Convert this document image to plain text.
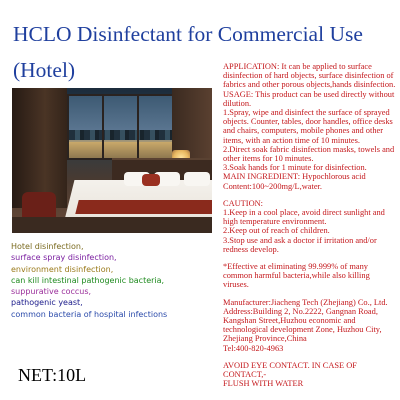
HCLO Disinfectant for Commercial Use
(Hotel)
Hotel disinfection,
surface spray disinfection,
environment disinfection,
can kill intestinal pathogenic bacteria,
suppurative coccus,
pathogenic yeast,
common bacteria of hospital infections

APPLICATION: It can be applied to surface
disinfection of hard objects, surface disinfection of
fabrics and other porous objects,hands disinfection.
USAGE: This product can be used directly without
dilution.
1.Spray, wipe and disinfect the surface of sprayed
objects. Counter, tables, door handles, office desks
and chairs, computers, mobile phones and other
items, with an action time of 10 minutes.
2.Direct soak fabric disinfection masks, towels and
other items for 10 minutes.
3.Soak hands for 1 minute for disinfection.
MAIN INGREDIENT: Hypochlorous acid
Content:100~200mg/L,water.

CAUTION:
1.Keep in a cool place, avoid direct sunlight and
high temperature environment.
2.Keep out of reach of children.
3.Stop use and ask a doctor if irritation and/or
redness develop.

*Effective at eliminating 99.999% of many
common harmful bacteria,while also killing
viruses.

Manufacturer:Jiacheng Tech (Zhejiang) Co., Ltd.
Address:Building 2, No.2222, Gangnan Road,
Kangshan Street,Huzhou economic and
technological development Zone, Huzhou City,
Zhejiang Province,China
Tel:400-820-4963

AVOID EYE CONTACT. IN CASE OF CONTACT,-
FLUSH WITH WATER

NET:10L
